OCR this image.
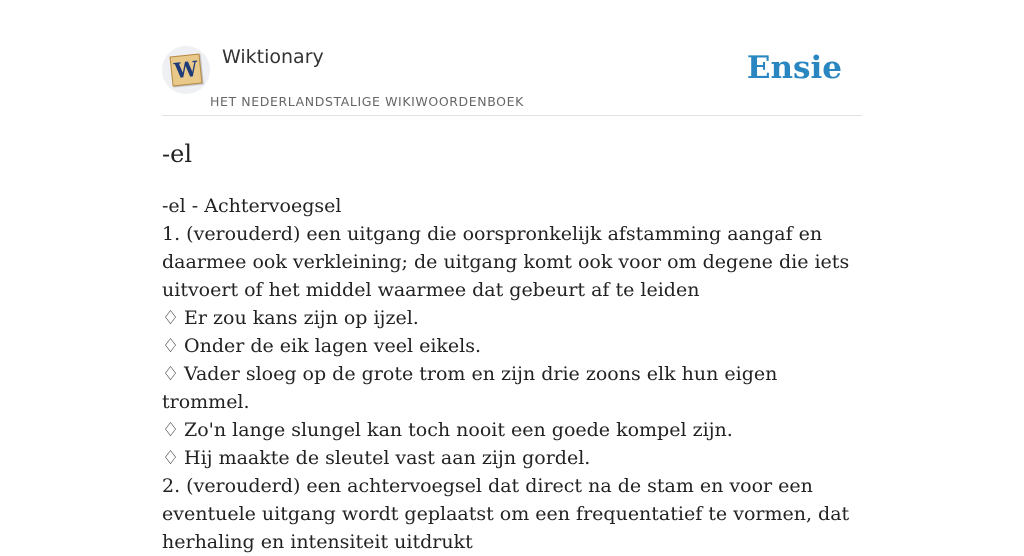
W Wiktionary
HET NEDERLANDSTALIGE WIKIWOORDENBOEK
Ensie
-el
-el - Achtervoegsel
1. (verouderd) een uitgang die oorspronkelijk afstamming aangaf en daarmee ook verkleining; de uitgang komt ook voor om degene die iets uitvoert of het middel waarmee dat gebeurt af te leiden
♢ Er zou kans zijn op ijzel.
♢ Onder de eik lagen veel eikels.
♢ Vader sloeg op de grote trom en zijn drie zoons elk hun eigen trommel.
♢ Zo'n lange slungel kan toch nooit een goede kompel zijn.
♢ Hij maakte de sleutel vast aan zijn gordel.
2. (verouderd) een achtervoegsel dat direct na de stam en voor een eventuele uitgang wordt geplaatst om een frequentatief te vormen, dat herhaling en intensiteit uitdrukt
